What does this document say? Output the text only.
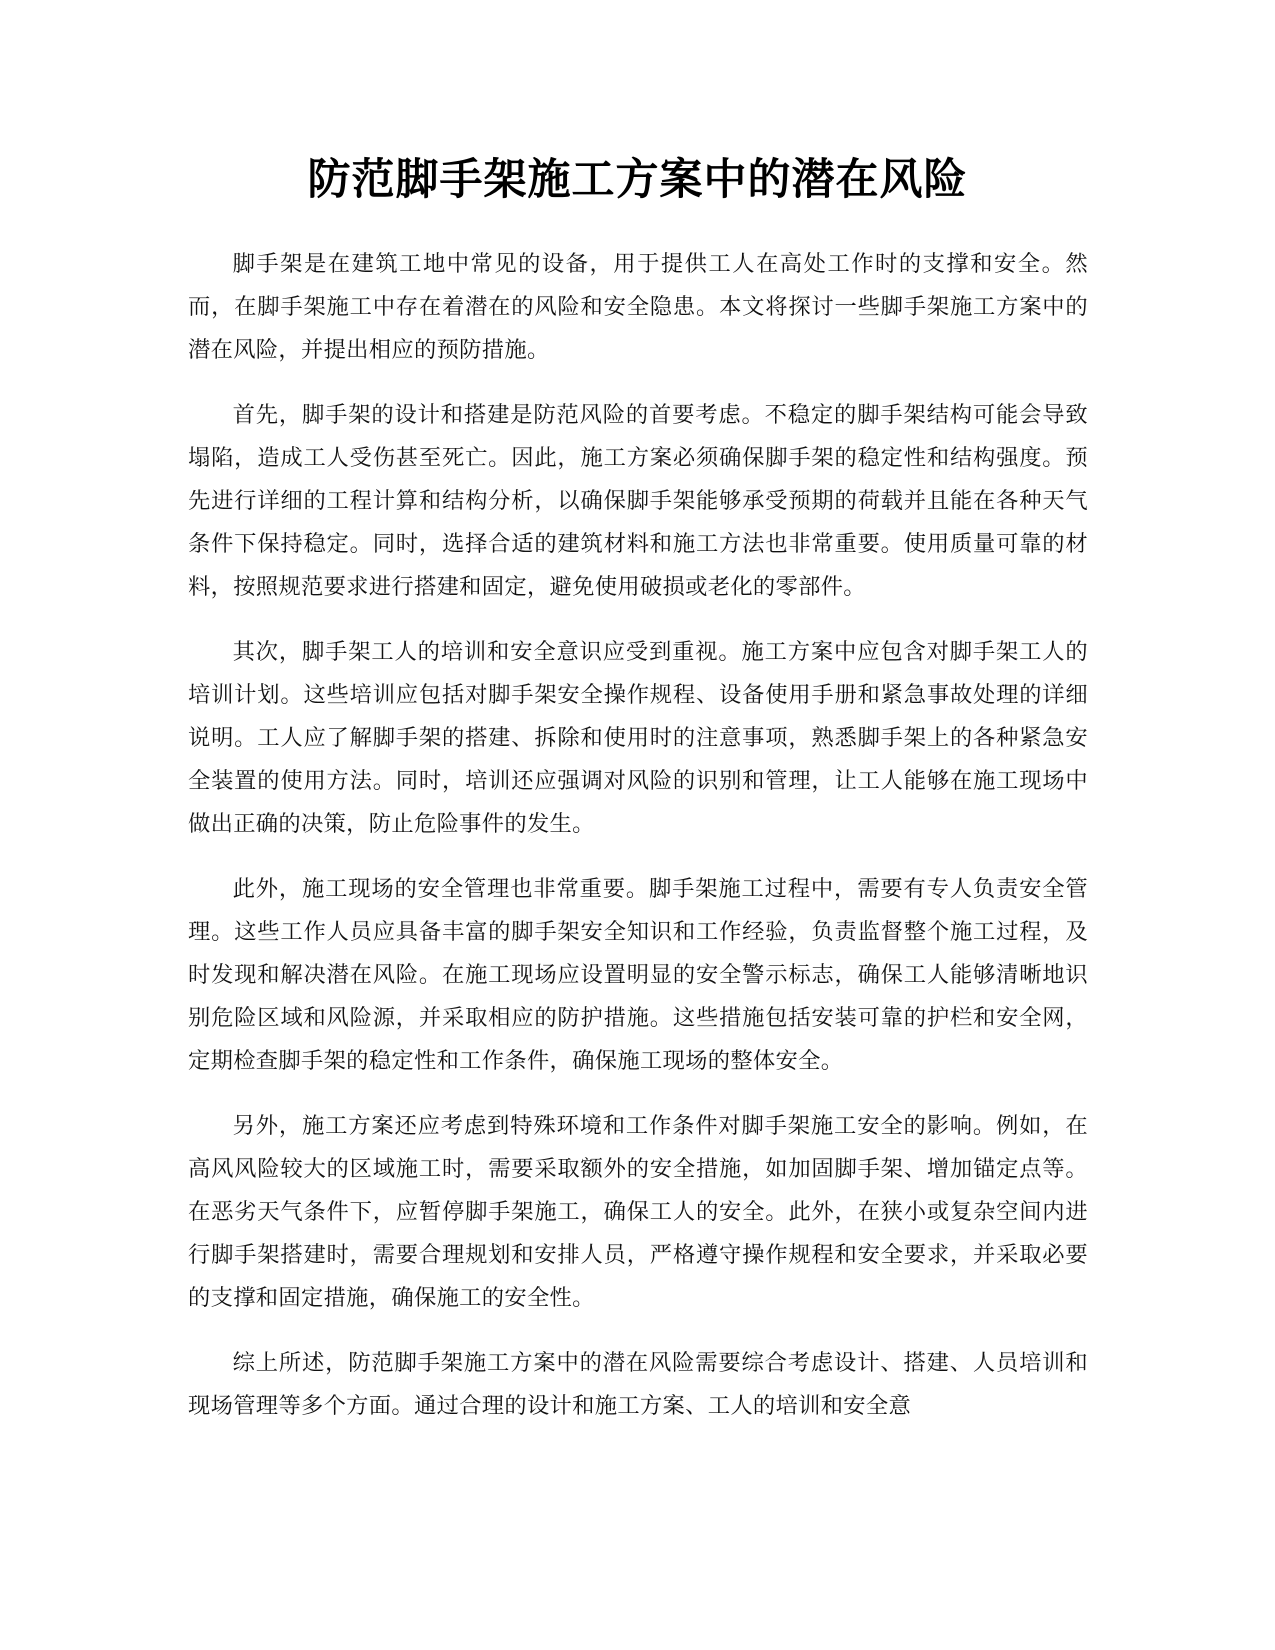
防范脚手架施工方案中的潜在风险

脚手架是在建筑工地中常见的设备，用于提供工人在高处工作时的支撑和安全。然而，在脚手架施工中存在着潜在的风险和安全隐患。本文将探讨一些脚手架施工方案中的潜在风险，并提出相应的预防措施。

首先，脚手架的设计和搭建是防范风险的首要考虑。不稳定的脚手架结构可能会导致塌陷，造成工人受伤甚至死亡。因此，施工方案必须确保脚手架的稳定性和结构强度。预先进行详细的工程计算和结构分析，以确保脚手架能够承受预期的荷载并且能在各种天气条件下保持稳定。同时，选择合适的建筑材料和施工方法也非常重要。使用质量可靠的材料，按照规范要求进行搭建和固定，避免使用破损或老化的零部件。

其次，脚手架工人的培训和安全意识应受到重视。施工方案中应包含对脚手架工人的培训计划。这些培训应包括对脚手架安全操作规程、设备使用手册和紧急事故处理的详细说明。工人应了解脚手架的搭建、拆除和使用时的注意事项，熟悉脚手架上的各种紧急安全装置的使用方法。同时，培训还应强调对风险的识别和管理，让工人能够在施工现场中做出正确的决策，防止危险事件的发生。

此外，施工现场的安全管理也非常重要。脚手架施工过程中，需要有专人负责安全管理。这些工作人员应具备丰富的脚手架安全知识和工作经验，负责监督整个施工过程，及时发现和解决潜在风险。在施工现场应设置明显的安全警示标志，确保工人能够清晰地识别危险区域和风险源，并采取相应的防护措施。这些措施包括安装可靠的护栏和安全网，定期检查脚手架的稳定性和工作条件，确保施工现场的整体安全。

另外，施工方案还应考虑到特殊环境和工作条件对脚手架施工安全的影响。例如，在高风风险较大的区域施工时，需要采取额外的安全措施，如加固脚手架、增加锚定点等。在恶劣天气条件下，应暂停脚手架施工，确保工人的安全。此外，在狭小或复杂空间内进行脚手架搭建时，需要合理规划和安排人员，严格遵守操作规程和安全要求，并采取必要的支撑和固定措施，确保施工的安全性。

综上所述，防范脚手架施工方案中的潜在风险需要综合考虑设计、搭建、人员培训和现场管理等多个方面。通过合理的设计和施工方案、工人的培训和安全意
